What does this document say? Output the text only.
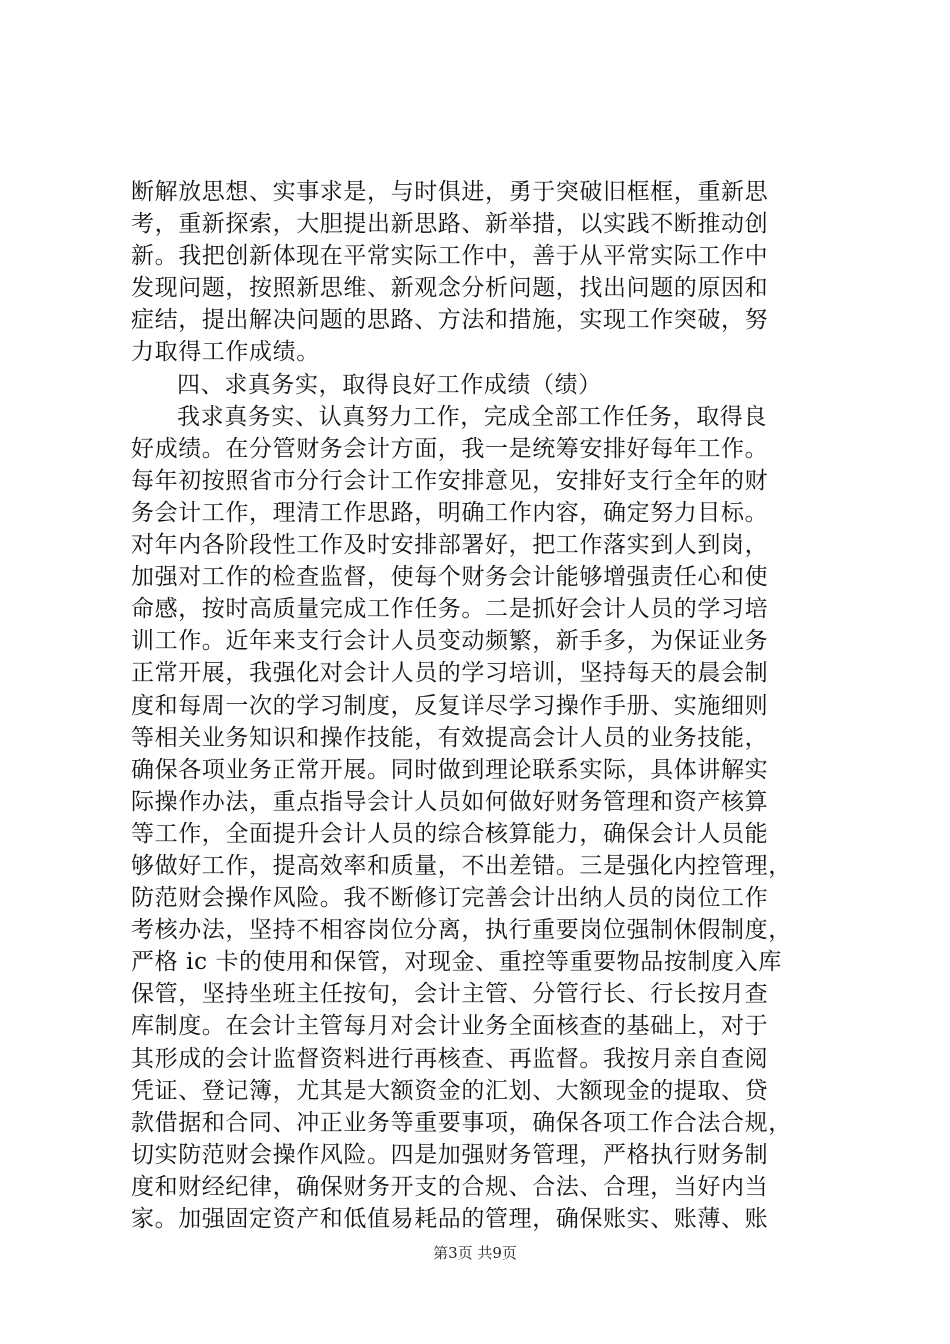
断解放思想、实事求是，与时俱进，勇于突破旧框框，重新思
考，重新探索，大胆提出新思路、新举措，以实践不断推动创
新。我把创新体现在平常实际工作中，善于从平常实际工作中
发现问题，按照新思维、新观念分析问题，找出问题的原因和
症结，提出解决问题的思路、方法和措施，实现工作突破，努
力取得工作成绩。
四、求真务实，取得良好工作成绩（绩）
我求真务实、认真努力工作，完成全部工作任务，取得良
好成绩。在分管财务会计方面，我一是统筹安排好每年工作。
每年初按照省市分行会计工作安排意见，安排好支行全年的财
务会计工作，理清工作思路，明确工作内容，确定努力目标。
对年内各阶段性工作及时安排部署好，把工作落实到人到岗，
加强对工作的检查监督，使每个财务会计能够增强责任心和使
命感，按时高质量完成工作任务。二是抓好会计人员的学习培
训工作。近年来支行会计人员变动频繁，新手多，为保证业务
正常开展，我强化对会计人员的学习培训，坚持每天的晨会制
度和每周一次的学习制度，反复详尽学习操作手册、实施细则
等相关业务知识和操作技能，有效提高会计人员的业务技能，
确保各项业务正常开展。同时做到理论联系实际，具体讲解实
际操作办法，重点指导会计人员如何做好财务管理和资产核算
等工作，全面提升会计人员的综合核算能力，确保会计人员能
够做好工作，提高效率和质量，不出差错。三是强化内控管理，
防范财会操作风险。我不断修订完善会计出纳人员的岗位工作
考核办法，坚持不相容岗位分离，执行重要岗位强制休假制度，
严格 ic 卡的使用和保管，对现金、重控等重要物品按制度入库
保管，坚持坐班主任按旬，会计主管、分管行长、行长按月查
库制度。在会计主管每月对会计业务全面核查的基础上，对于
其形成的会计监督资料进行再核查、再监督。我按月亲自查阅
凭证、登记簿，尤其是大额资金的汇划、大额现金的提取、贷
款借据和合同、冲正业务等重要事项，确保各项工作合法合规，
切实防范财会操作风险。四是加强财务管理，严格执行财务制
度和财经纪律，确保财务开支的合规、合法、合理，当好内当
家。加强固定资产和低值易耗品的管理，确保账实、账薄、账
第3页 共9页
